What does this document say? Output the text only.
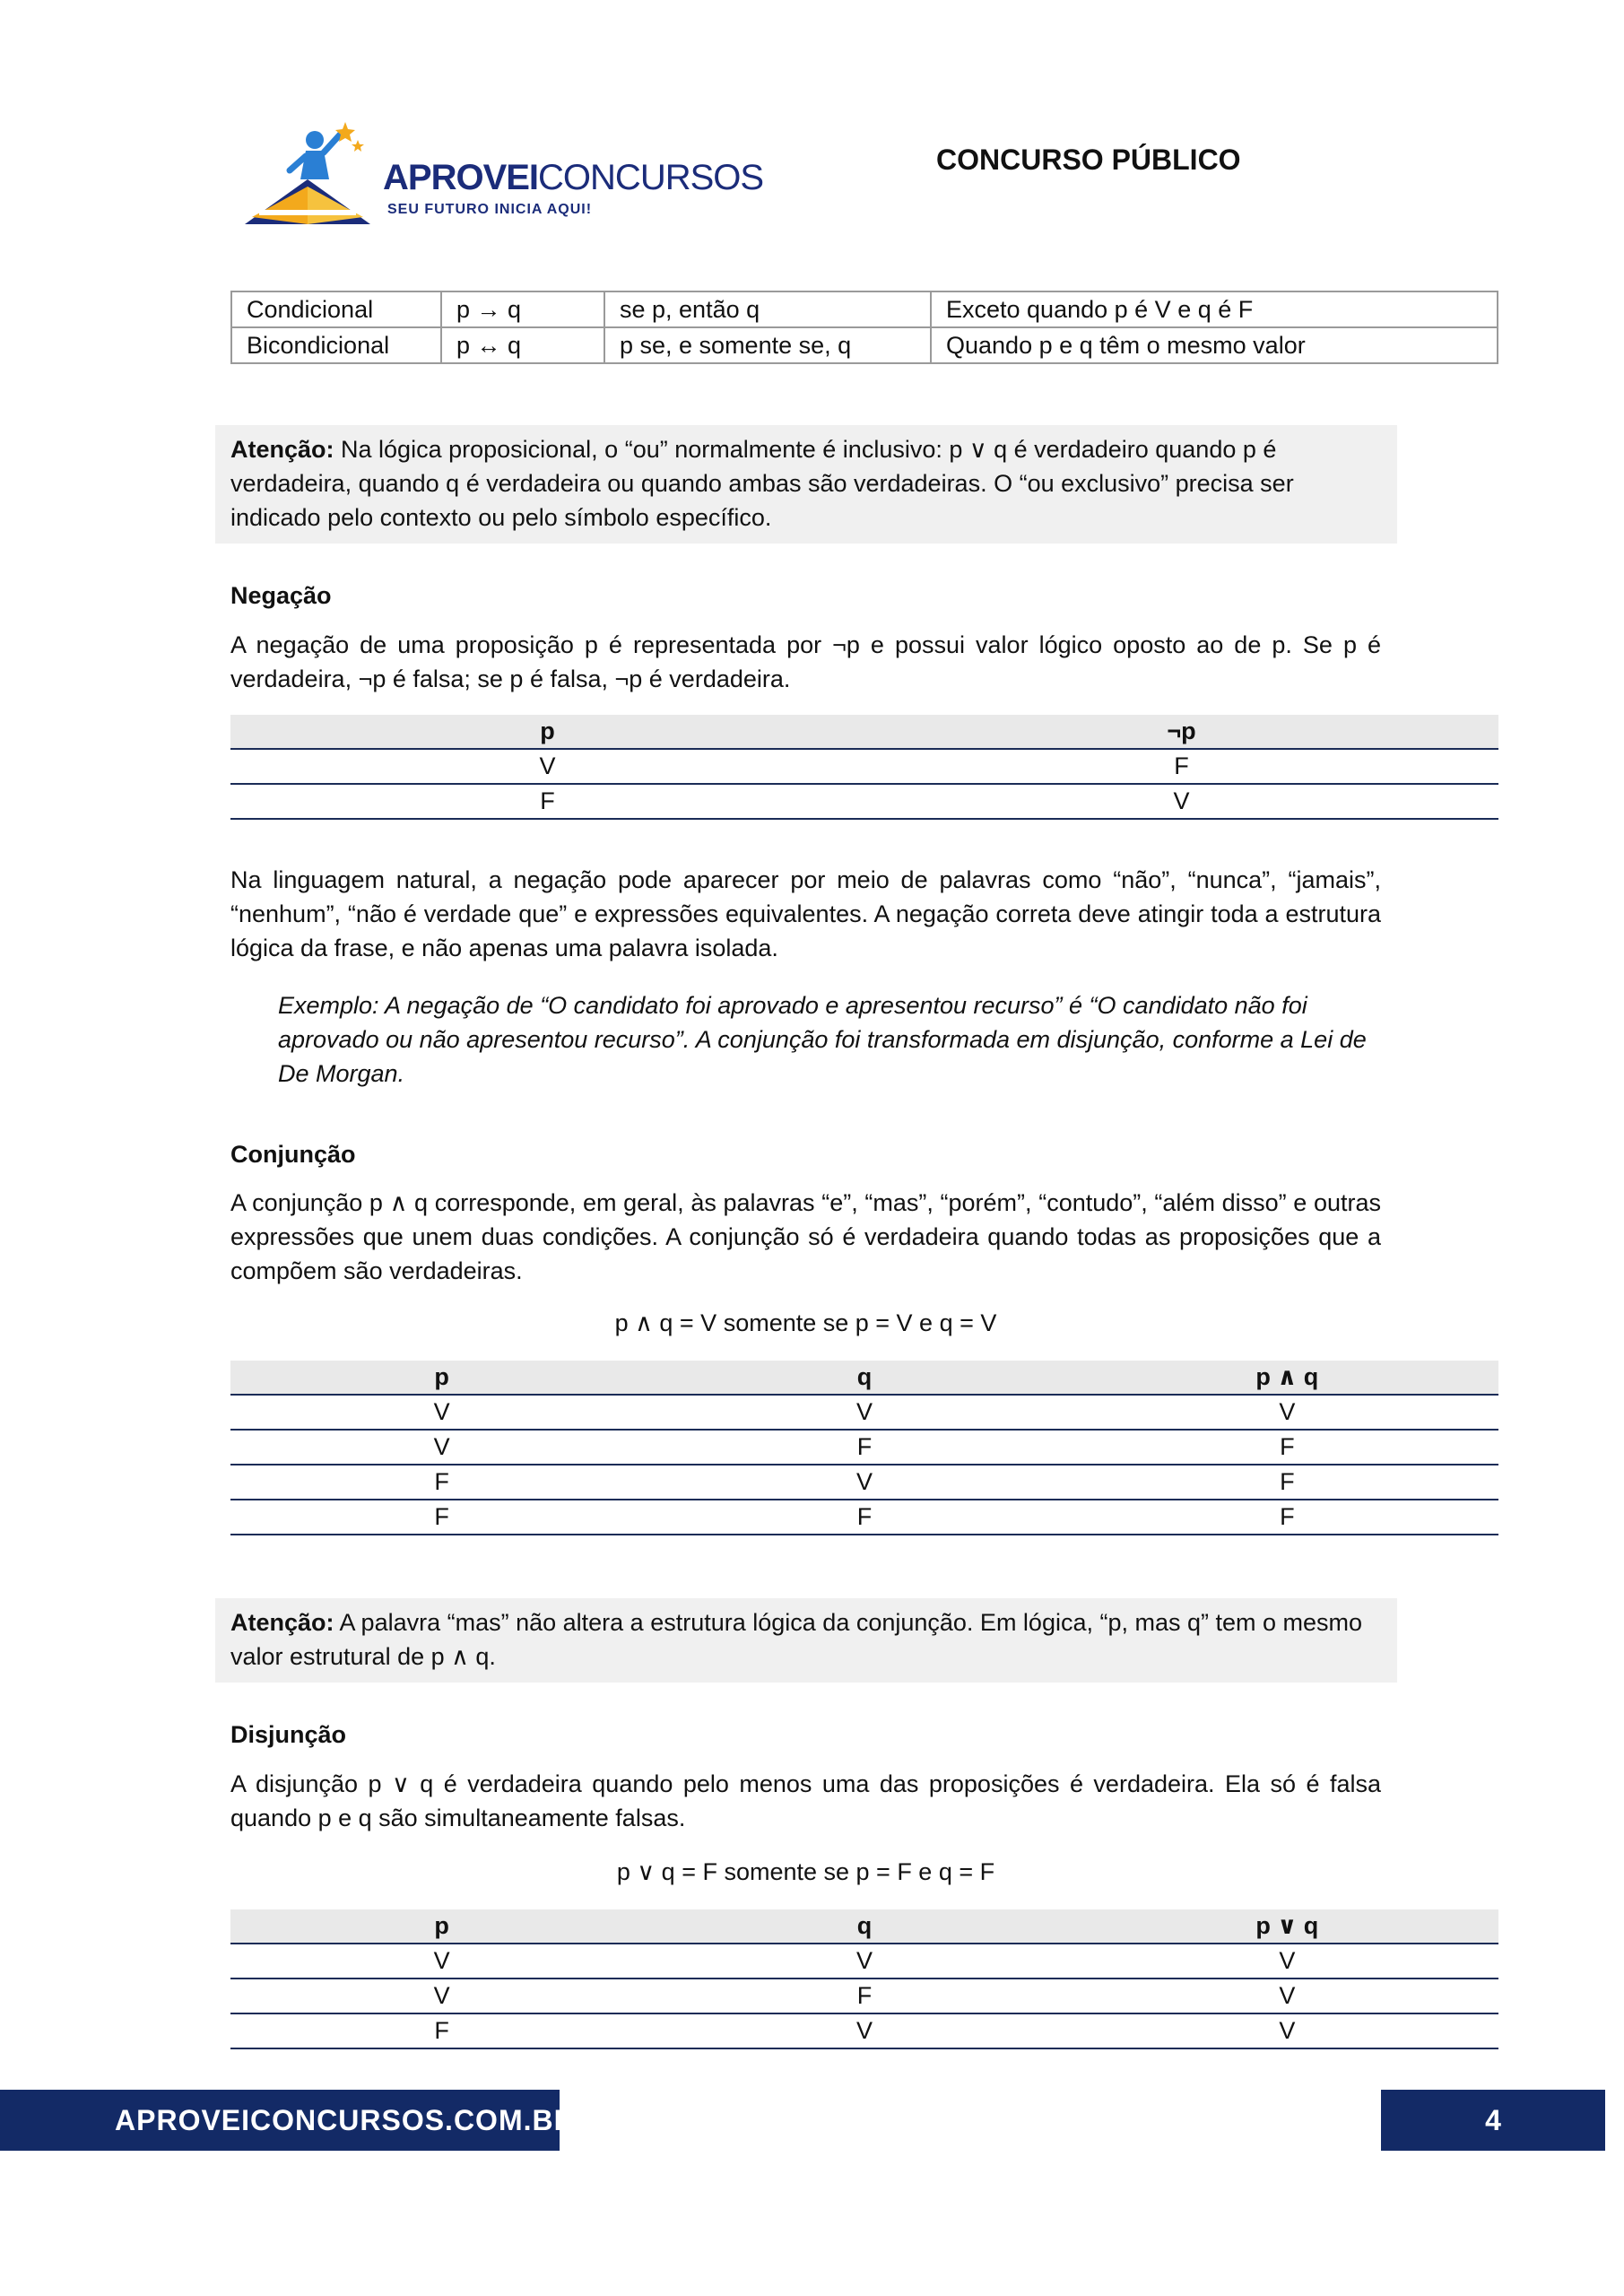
APROVEICONCURSOS
SEU FUTURO INICIA AQUI!
CONCURSO PÚBLICO
Condicional	p → q	se p, então q	Exceto quando p é V e q é F
Bicondicional	p ↔ q	p se, e somente se, q	Quando p e q têm o mesmo valor
Atenção: Na lógica proposicional, o “ou” normalmente é inclusivo: p ∨ q é verdadeiro quando p é verdadeira, quando q é verdadeira ou quando ambas são verdadeiras. O “ou exclusivo” precisa ser indicado pelo contexto ou pelo símbolo específico.
Negação
A negação de uma proposição p é representada por ¬p e possui valor lógico oposto ao de p. Se p é verdadeira, ¬p é falsa; se p é falsa, ¬p é verdadeira.
p	¬p
V	F
F	V
Na linguagem natural, a negação pode aparecer por meio de palavras como “não”, “nunca”, “jamais”, “nenhum”, “não é verdade que” e expressões equivalentes. A negação correta deve atingir toda a estrutura lógica da frase, e não apenas uma palavra isolada.
Exemplo: A negação de “O candidato foi aprovado e apresentou recurso” é “O candidato não foi aprovado ou não apresentou recurso”. A conjunção foi transformada em disjunção, conforme a Lei de De Morgan.
Conjunção
A conjunção p ∧ q corresponde, em geral, às palavras “e”, “mas”, “porém”, “contudo”, “além disso” e outras expressões que unem duas condições. A conjunção só é verdadeira quando todas as proposições que a compõem são verdadeiras.
p ∧ q = V somente se p = V e q = V
p	q	p ∧ q
V	V	V
V	F	F
F	V	F
F	F	F
Atenção: A palavra “mas” não altera a estrutura lógica da conjunção. Em lógica, “p, mas q” tem o mesmo valor estrutural de p ∧ q.
Disjunção
A disjunção p ∨ q é verdadeira quando pelo menos uma das proposições é verdadeira. Ela só é falsa quando p e q são simultaneamente falsas.
p ∨ q = F somente se p = F e q = F
p	q	p ∨ q
V	V	V
V	F	V
F	V	V
APROVEICONCURSOS.COM.BR	4
